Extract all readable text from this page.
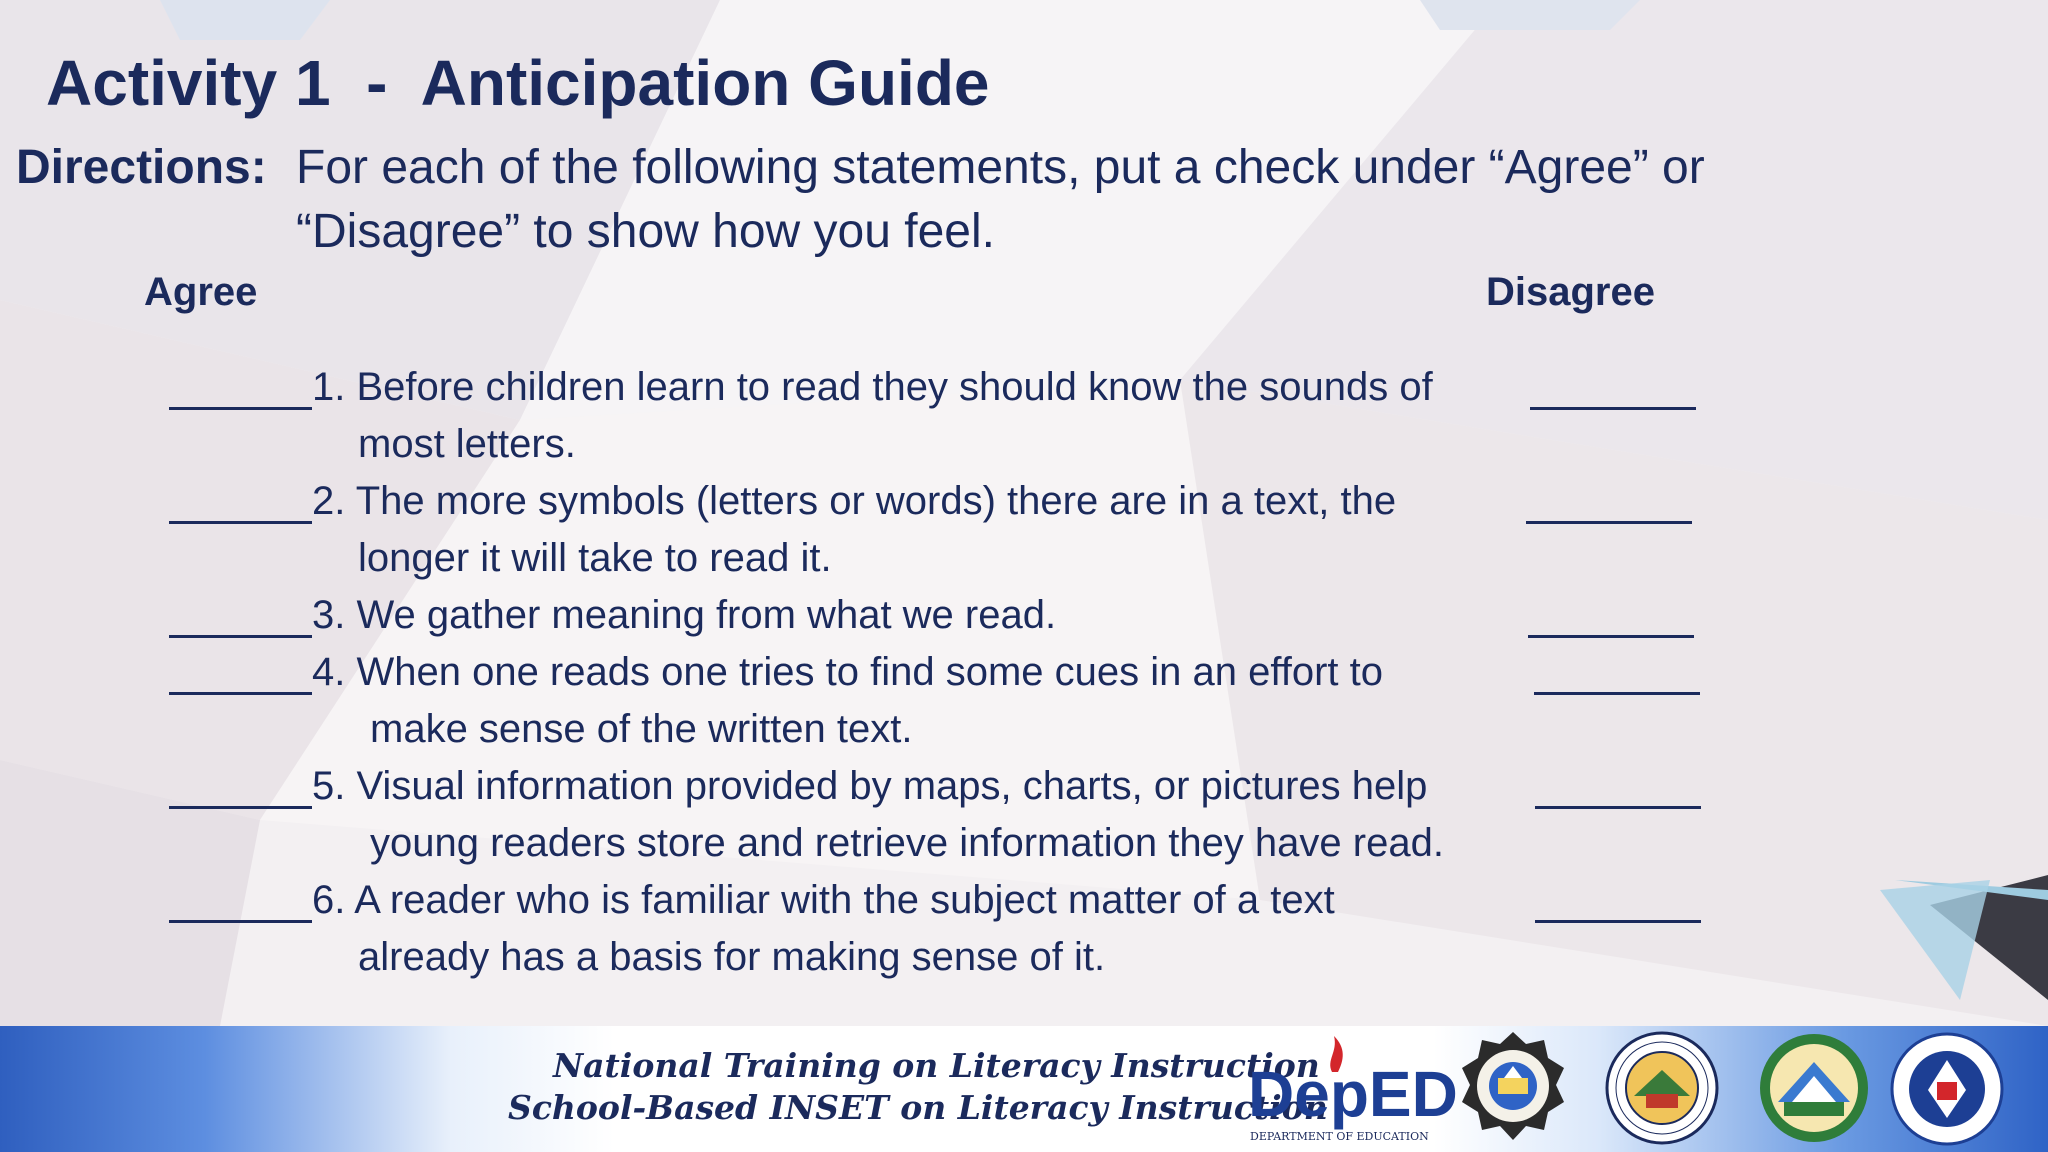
Activity 1  -  Anticipation Guide
Directions: For each of the following statements, put a check under “Agree” or
“Disagree” to show how you feel.
Agree	Disagree
1. Before children learn to read they should know the sounds of
most letters.
2. The more symbols (letters or words) there are in a text, the
longer it will take to read it.
3. We gather meaning from what we read.
4. When one reads one tries to find some cues in an effort to
make sense of the written text.
5. Visual information provided by maps, charts, or pictures help
young readers store and retrieve information they have read.
6. A reader who is familiar with the subject matter of a text
already has a basis for making sense of it.
National Training on Literacy Instruction
School-Based INSET on Literacy Instruction
DepED
DEPARTMENT OF EDUCATION
